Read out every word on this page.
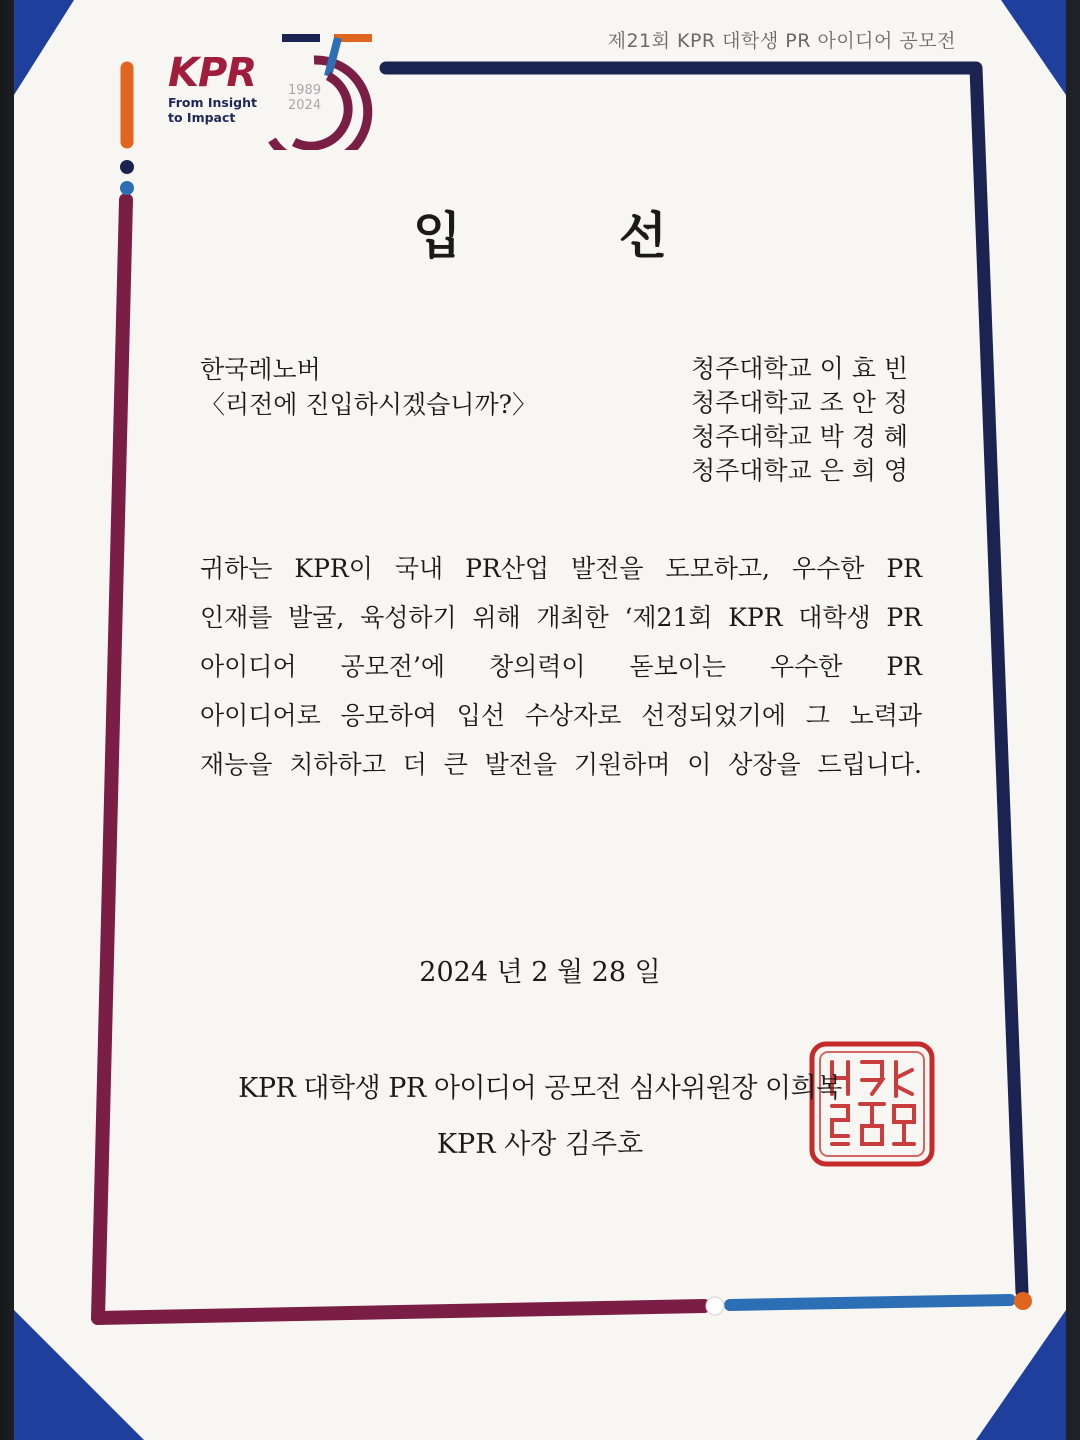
제21회 KPR 대학생 PR 아이디어 공모전
KPR
From Insight
to Impact
1989
2024
입 선
한국레노버
〈리전에 진입하시겠습니까?〉
청주대학교 이 효 빈
청주대학교 조 안 정
청주대학교 박 경 혜
청주대학교 은 희 영
귀하는 KPR이 국내 PR산업 발전을 도모하고, 우수한 PR
인재를 발굴, 육성하기 위해 개최한 ‘제21회 KPR 대학생 PR
아이디어 공모전’에 창의력이 돋보이는 우수한 PR
아이디어로 응모하여 입선 수상자로 선정되었기에 그 노력과
재능을 치하하고 더 큰 발전을 기원하며 이 상장을 드립니다.
2024 년 2 월 28 일
KPR 대학생 PR 아이디어 공모전 심사위원장 이희복
KPR 사장 김주호
